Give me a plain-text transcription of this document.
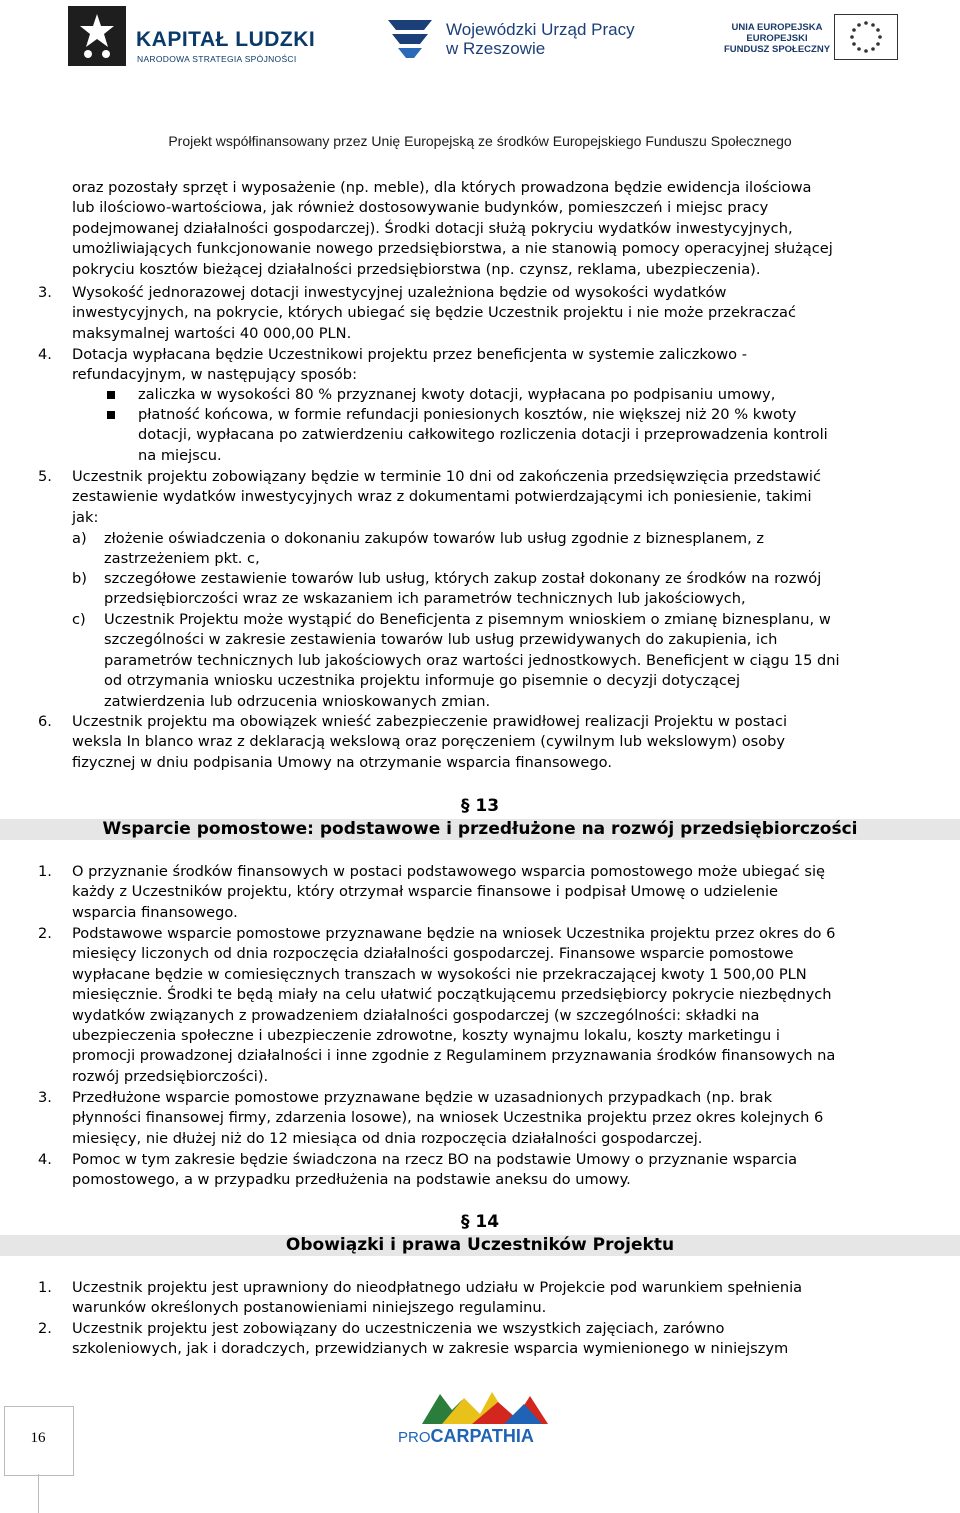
KAPITAŁ LUDZKI
NARODOWA STRATEGIA SPÓJNOŚCI
Wojewódzki Urząd Pracy
w Rzeszowie
UNIA EUROPEJSKA
EUROPEJSKI
FUNDUSZ SPOŁECZNY
Projekt współfinansowany przez Unię Europejską ze środków Europejskiego Funduszu Społecznego
oraz pozostały sprzęt i wyposażenie (np. meble), dla których prowadzona będzie ewidencja ilościowa
lub ilościowo-wartościowa, jak również dostosowywanie budynków, pomieszczeń i miejsc pracy
podejmowanej działalności gospodarczej). Środki dotacji służą pokryciu wydatków inwestycyjnych,
umożliwiających funkcjonowanie nowego przedsiębiorstwa, a nie stanowią pomocy operacyjnej służącej
pokryciu kosztów bieżącej działalności przedsiębiorstwa (np. czynsz, reklama, ubezpieczenia).
3.	Wysokość jednorazowej dotacji inwestycyjnej uzależniona będzie od wysokości wydatków
inwestycyjnych, na pokrycie, których ubiegać się będzie Uczestnik projektu i nie może przekraczać
maksymalnej wartości 40 000,00 PLN.
4.	Dotacja wypłacana będzie Uczestnikowi projektu przez beneficjenta w systemie zaliczkowo -
refundacyjnym, w następujący sposób:
zaliczka w wysokości 80 % przyznanej kwoty dotacji, wypłacana po podpisaniu umowy,
płatność końcowa, w formie refundacji poniesionych kosztów, nie większej niż 20 % kwoty
dotacji, wypłacana po zatwierdzeniu całkowitego rozliczenia dotacji i przeprowadzenia kontroli
na miejscu.
5.	Uczestnik projektu zobowiązany będzie w terminie 10 dni od zakończenia przedsięwzięcia przedstawić
zestawienie wydatków inwestycyjnych wraz z dokumentami potwierdzającymi ich poniesienie, takimi
jak:
a)	złożenie oświadczenia o dokonaniu zakupów towarów lub usług zgodnie z biznesplanem, z
zastrzeżeniem pkt. c,
b)	szczegółowe zestawienie towarów lub usług, których zakup został dokonany ze środków na rozwój
przedsiębiorczości wraz ze wskazaniem ich parametrów technicznych lub jakościowych,
c)	Uczestnik Projektu może wystąpić do Beneficjenta z pisemnym wnioskiem o zmianę biznesplanu, w
szczególności w zakresie zestawienia towarów lub usług przewidywanych do zakupienia, ich
parametrów technicznych lub jakościowych oraz wartości jednostkowych. Beneficjent w ciągu 15 dni
od otrzymania wniosku uczestnika projektu informuje go pisemnie o decyzji dotyczącej
zatwierdzenia lub odrzucenia wnioskowanych zmian.
6.	Uczestnik projektu ma obowiązek wnieść zabezpieczenie prawidłowej realizacji Projektu w postaci
weksla In blanco wraz z deklaracją wekslową oraz poręczeniem (cywilnym lub wekslowym) osoby
fizycznej w dniu podpisania Umowy na otrzymanie wsparcia finansowego.
§ 13
Wsparcie pomostowe: podstawowe i przedłużone na rozwój przedsiębiorczości
1.	O przyznanie środków finansowych w postaci podstawowego wsparcia pomostowego może ubiegać się
każdy z Uczestników projektu, który otrzymał wsparcie finansowe i podpisał Umowę o udzielenie
wsparcia finansowego.
2.	Podstawowe wsparcie pomostowe przyznawane będzie na wniosek Uczestnika projektu przez okres do 6
miesięcy liczonych od dnia rozpoczęcia działalności gospodarczej. Finansowe wsparcie pomostowe
wypłacane będzie w comiesięcznych transzach w wysokości nie przekraczającej kwoty 1 500,00 PLN
miesięcznie. Środki te będą miały na celu ułatwić początkującemu przedsiębiorcy pokrycie niezbędnych
wydatków związanych z prowadzeniem działalności gospodarczej (w szczególności: składki na
ubezpieczenia społeczne i ubezpieczenie zdrowotne, koszty wynajmu lokalu, koszty marketingu i
promocji prowadzonej działalności i inne zgodnie z Regulaminem przyznawania środków finansowych na
rozwój przedsiębiorczości).
3.	Przedłużone wsparcie pomostowe przyznawane będzie w uzasadnionych przypadkach (np. brak
płynności finansowej firmy, zdarzenia losowe), na wniosek Uczestnika projektu przez okres kolejnych 6
miesięcy, nie dłużej niż do 12 miesiąca od dnia rozpoczęcia działalności gospodarczej.
4.	Pomoc w tym zakresie będzie świadczona na rzecz BO na podstawie Umowy o przyznanie wsparcia
pomostowego, a w przypadku przedłużenia na podstawie aneksu do umowy.
§ 14
Obowiązki i prawa Uczestników Projektu
1.	Uczestnik projektu jest uprawniony do nieodpłatnego udziału w Projekcie pod warunkiem spełnienia
warunków określonych postanowieniami niniejszego regulaminu.
2.	Uczestnik projektu jest zobowiązany do uczestniczenia we wszystkich zajęciach, zarówno
szkoleniowych, jak i doradczych, przewidzianych w zakresie wsparcia wymienionego w niniejszym
16	PROCARPATHIA
